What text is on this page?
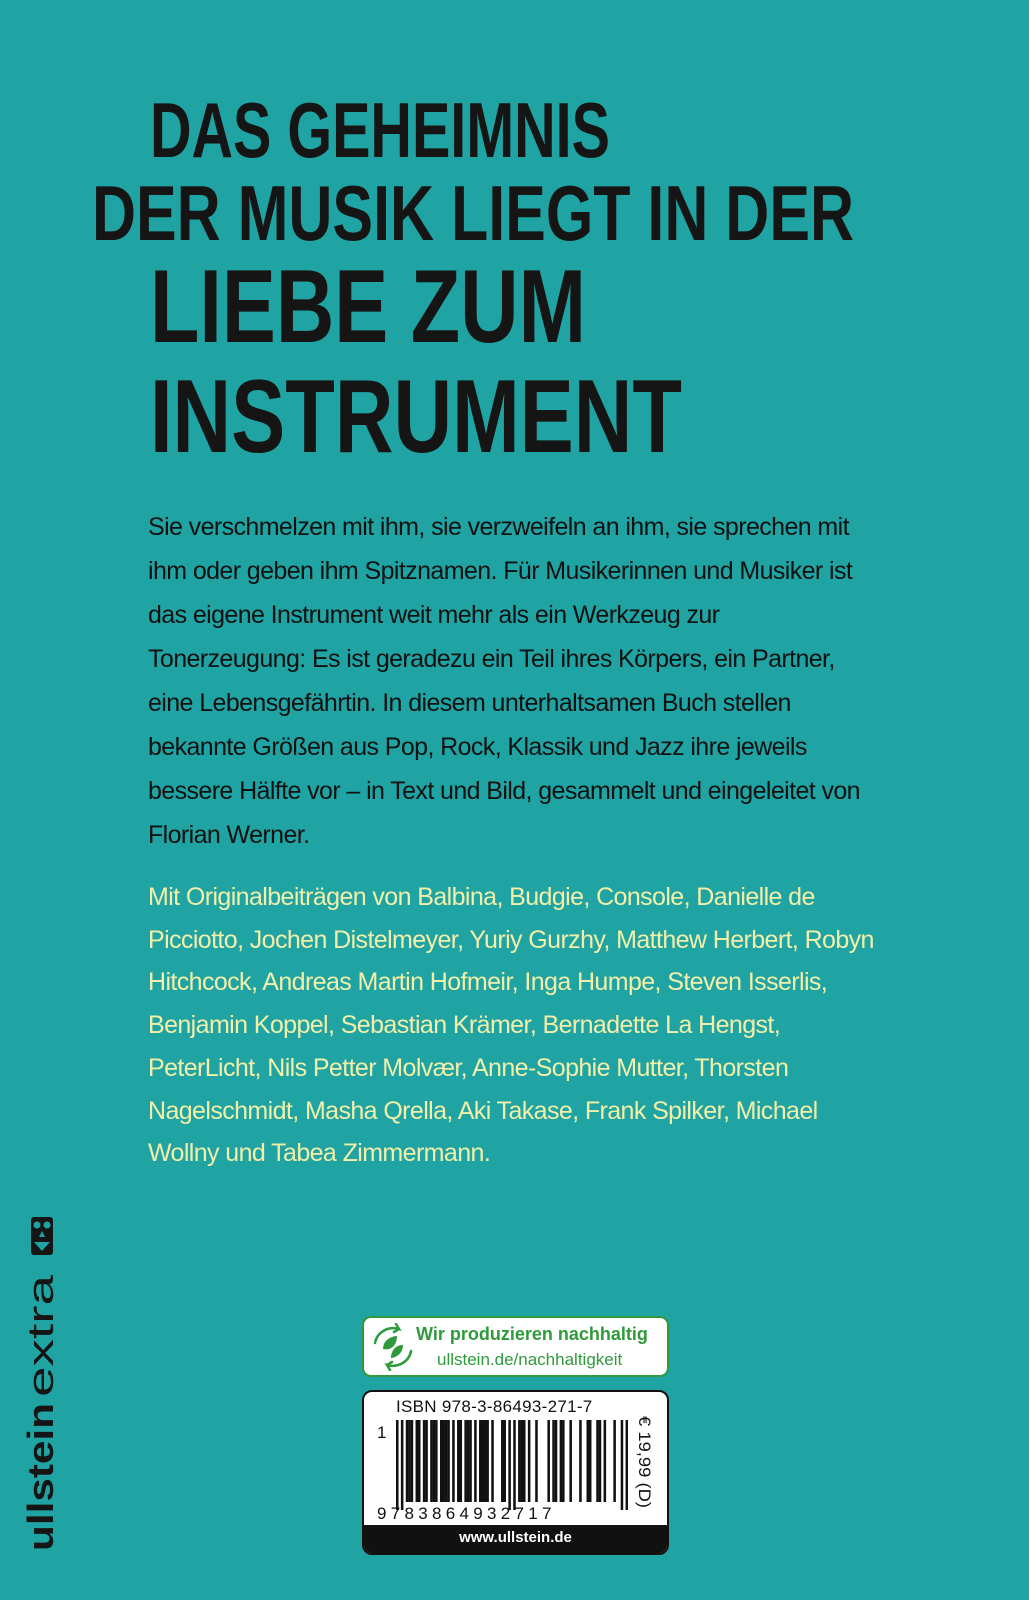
DAS GEHEIMNIS
DER MUSIK LIEGT IN DER
LIEBE ZUM
INSTRUMENT

Sie verschmelzen mit ihm, sie verzweifeln an ihm, sie sprechen mit ihm oder geben ihm Spitznamen. Für Musikerinnen und Musiker ist das eigene Instrument weit mehr als ein Werkzeug zur Tonerzeugung: Es ist geradezu ein Teil ihres Körpers, ein Partner, eine Lebensgefährtin. In diesem unterhaltsamen Buch stellen bekannte Größen aus Pop, Rock, Klassik und Jazz ihre jeweils bessere Hälfte vor – in Text und Bild, gesammelt und eingeleitet von Florian Werner.

Mit Originalbeiträgen von Balbina, Budgie, Console, Danielle de Picciotto, Jochen Distelmeyer, Yuriy Gurzhy, Matthew Herbert, Robyn Hitchcock, Andreas Martin Hofmeir, Inga Humpe, Steven Isserlis, Benjamin Koppel, Sebastian Krämer, Bernadette La Hengst, PeterLicht, Nils Petter Molvær, Anne-Sophie Mutter, Thorsten Nagelschmidt, Masha Qrella, Aki Takase, Frank Spilker, Michael Wollny und Tabea Zimmermann.

ullstein
extra	Wir produzieren nachhaltig
ullstein.de/nachhaltigkeit
ISBN 978-3-86493-271-7
1
9783864932717
€ 19,99 (D)
www.ullstein.de
